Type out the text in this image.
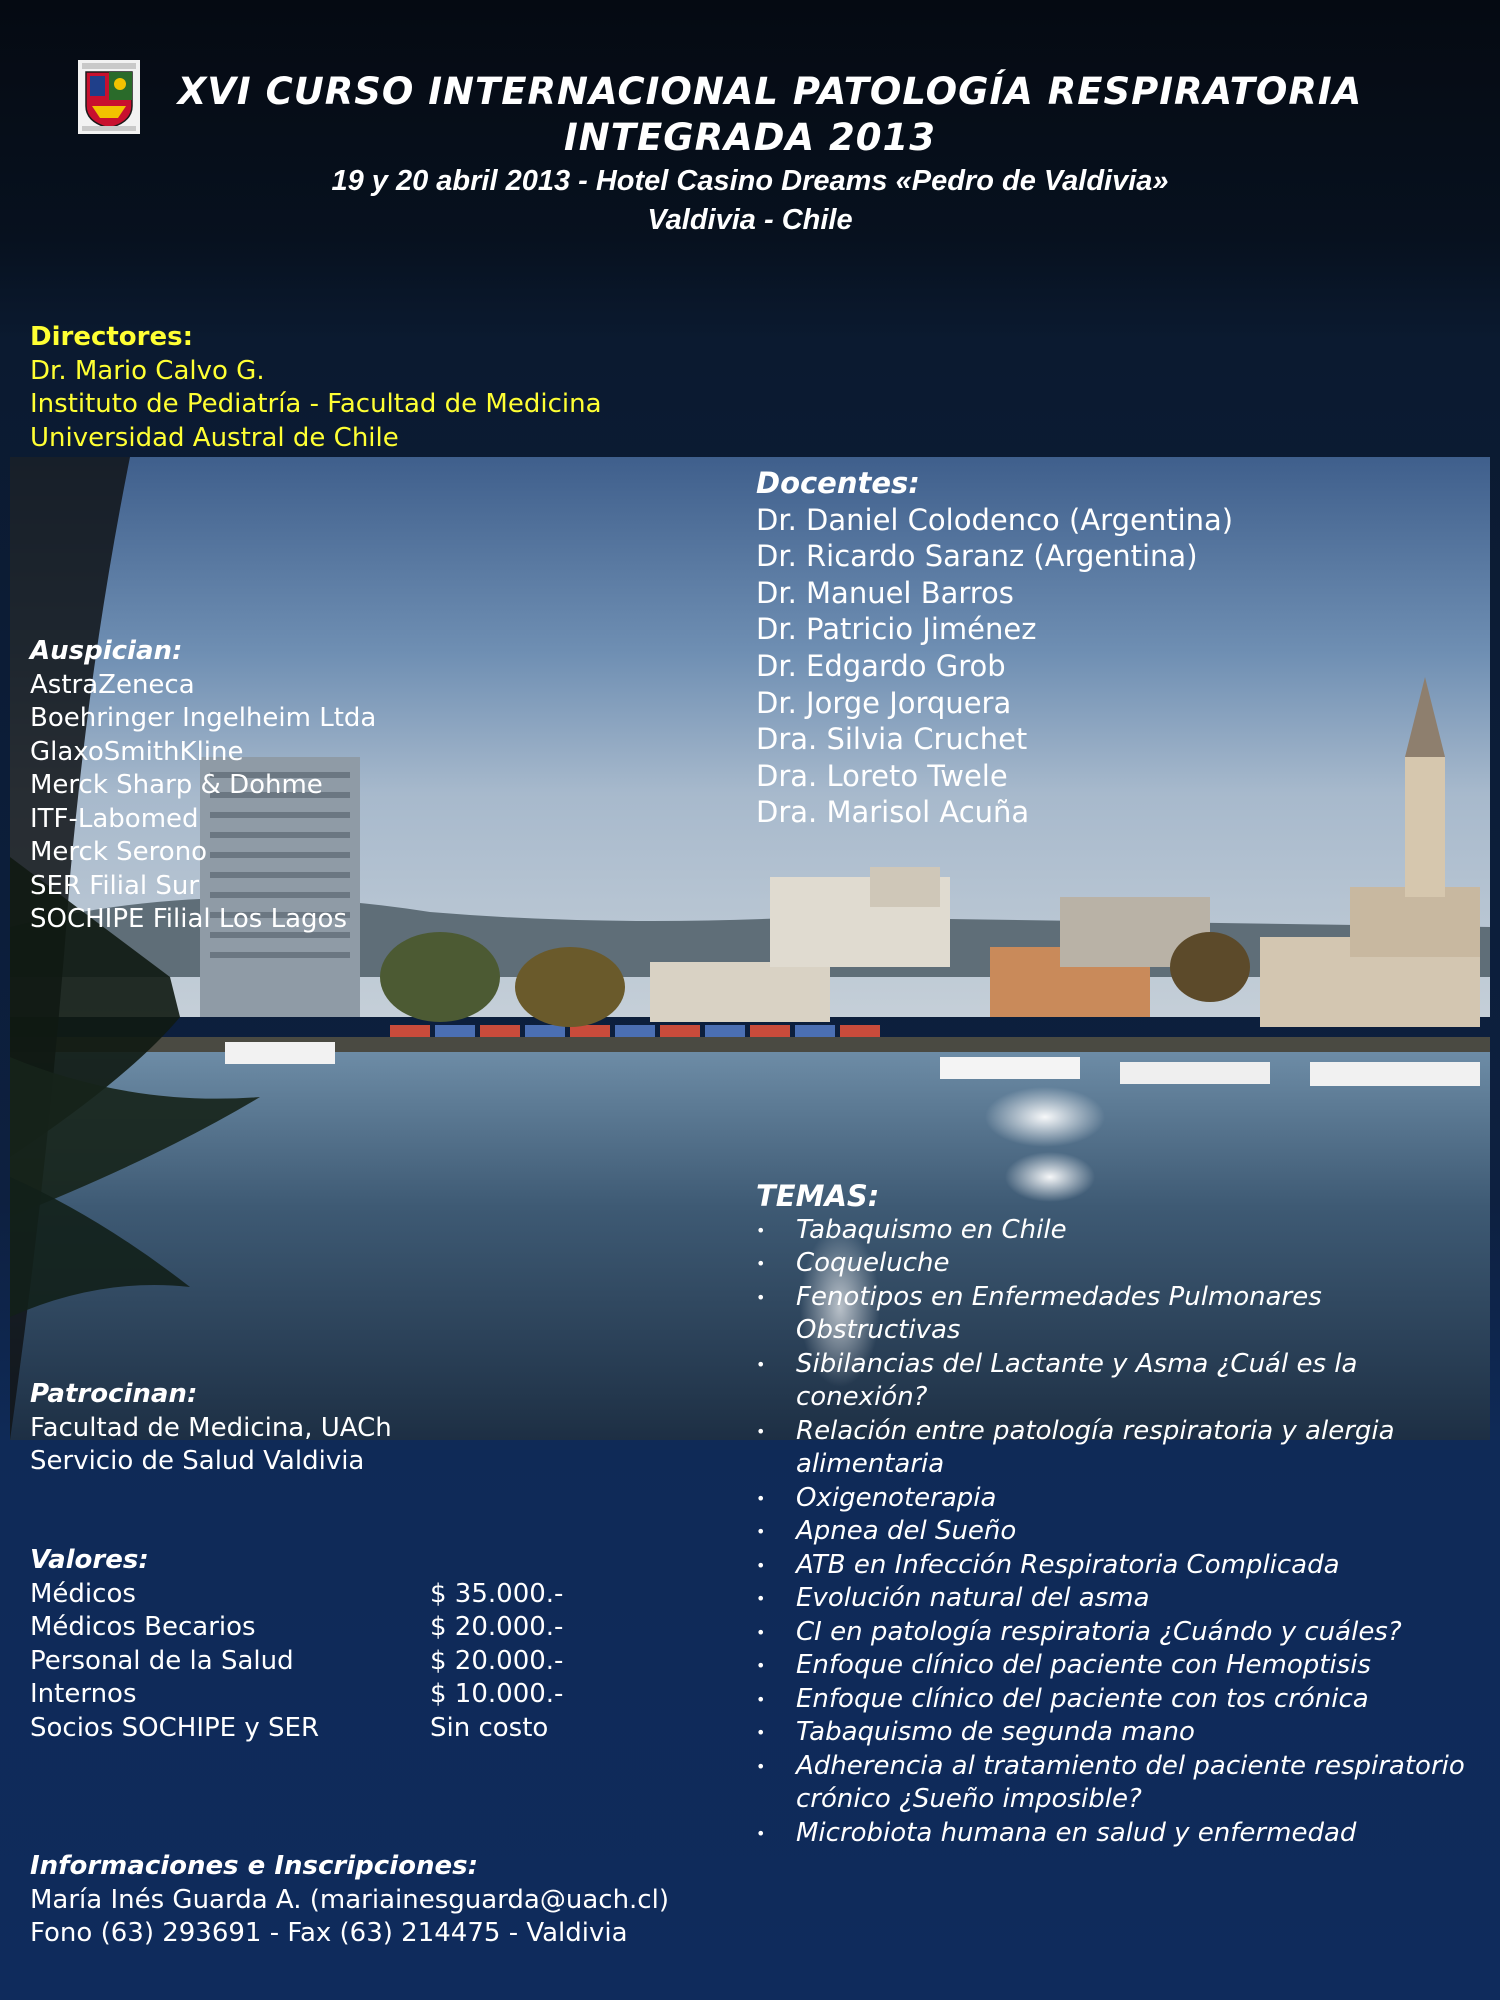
XVI CURSO INTERNACIONAL PATOLOGÍA RESPIRATORIA
INTEGRADA 2013
19 y 20 abril 2013 - Hotel Casino Dreams «Pedro de Valdivia»
Valdivia - Chile
Directores:
Dr. Mario Calvo G.
Instituto de Pediatría - Facultad de Medicina
Universidad Austral de Chile
Docentes:
Dr. Daniel Colodenco (Argentina)
Dr. Ricardo Saranz (Argentina)
Dr. Manuel Barros
Dr. Patricio Jiménez
Dr. Edgardo Grob
Dr. Jorge Jorquera
Dra. Silvia Cruchet
Dra. Loreto Twele
Dra. Marisol Acuña
Auspician:
AstraZeneca
Boehringer Ingelheim Ltda
GlaxoSmithKline
Merck Sharp & Dohme
ITF-Labomed
Merck Serono
SER Filial Sur
SOCHIPE Filial Los Lagos
TEMAS:
• Tabaquismo en Chile
• Coqueluche
• Fenotipos en Enfermedades Pulmonares Obstructivas
• Sibilancias del Lactante y Asma ¿Cuál es la conexión?
• Relación entre patología respiratoria y alergia alimentaria
• Oxigenoterapia
• Apnea del Sueño
• ATB en Infección Respiratoria Complicada
• Evolución natural del asma
• CI en patología respiratoria ¿Cuándo y cuáles?
• Enfoque clínico del paciente con Hemoptisis
• Enfoque clínico del paciente con tos crónica
• Tabaquismo de segunda mano
• Adherencia al tratamiento del paciente respiratorio crónico ¿Sueño imposible?
• Microbiota humana en salud y enfermedad
Patrocinan:
Facultad de Medicina, UACh
Servicio de Salud Valdivia
Valores:
Médicos	$ 35.000.-
Médicos Becarios	$ 20.000.-
Personal de la Salud	$ 20.000.-
Internos	$ 10.000.-
Socios SOCHIPE y SER	Sin costo
Informaciones e Inscripciones:
María Inés Guarda A. (mariainesguarda@uach.cl)
Fono (63) 293691 - Fax (63) 214475 - Valdivia
